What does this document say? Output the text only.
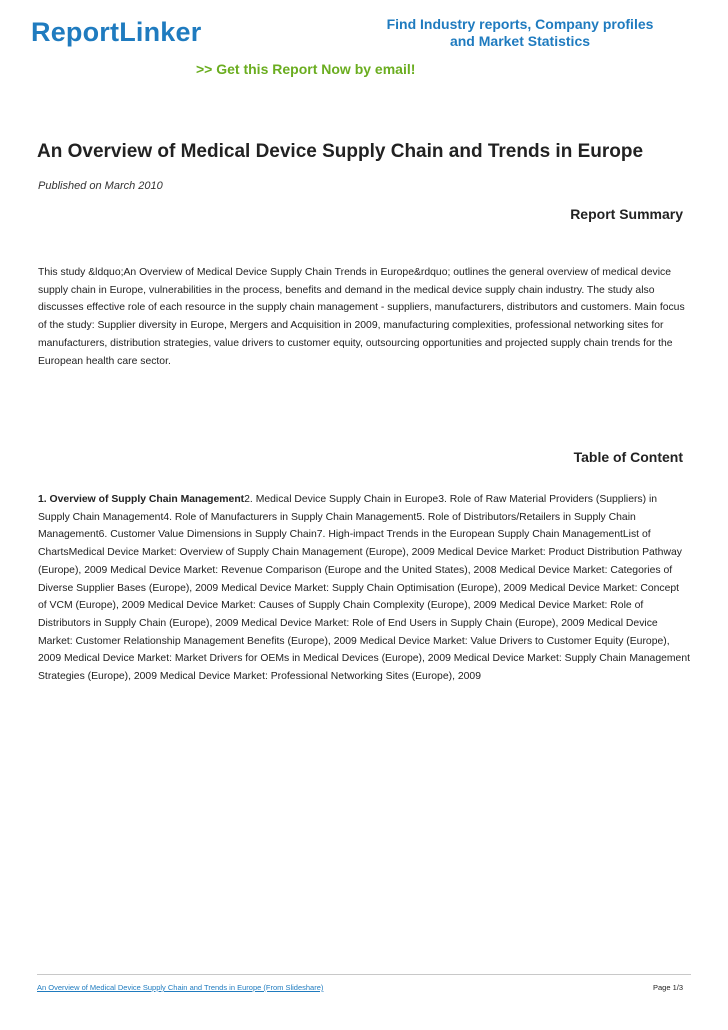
ReportLinker	Find Industry reports, Company profiles
and Market Statistics
>> Get this Report Now by email!
An Overview of Medical Device Supply Chain and Trends in Europe
Published on March 2010
Report Summary

This study &ldquo;An Overview of Medical Device Supply Chain Trends in Europe&rdquo; outlines the general overview of medical device supply chain in Europe, vulnerabilities in the process, benefits and demand in the medical device supply chain industry. The study also discusses effective role of each resource in the supply chain management - suppliers, manufacturers, distributors and customers. Main focus of the study: Supplier diversity in Europe, Mergers and Acquisition in 2009, manufacturing complexities, professional networking sites for manufacturers, distribution strategies, value drivers to customer equity, outsourcing opportunities and projected supply chain trends for the European health care sector.

Table of Content

1. Overview of Supply Chain Management2. Medical Device Supply Chain in Europe3. Role of Raw Material Providers (Suppliers) in Supply Chain Management4. Role of Manufacturers in Supply Chain Management5. Role of Distributors/Retailers in Supply Chain Management6. Customer Value Dimensions in Supply Chain7. High-impact Trends in the European Supply Chain ManagementList of ChartsMedical Device Market: Overview of Supply Chain Management (Europe), 2009 Medical Device Market: Product Distribution Pathway (Europe), 2009 Medical Device Market: Revenue Comparison (Europe and the United States), 2008 Medical Device Market: Categories of Diverse Supplier Bases (Europe), 2009 Medical Device Market: Supply Chain Optimisation (Europe), 2009 Medical Device Market: Concept of VCM (Europe), 2009 Medical Device Market: Causes of Supply Chain Complexity (Europe), 2009 Medical Device Market: Role of Distributors in Supply Chain (Europe), 2009 Medical Device Market: Role of End Users in Supply Chain (Europe), 2009 Medical Device Market: Customer Relationship Management Benefits (Europe), 2009 Medical Device Market: Value Drivers to Customer Equity (Europe), 2009 Medical Device Market: Market Drivers for OEMs in Medical Devices (Europe), 2009 Medical Device Market: Supply Chain Management Strategies (Europe), 2009 Medical Device Market: Professional Networking Sites (Europe), 2009

An Overview of Medical Device Supply Chain and Trends in Europe (From Slideshare)	Page 1/3
